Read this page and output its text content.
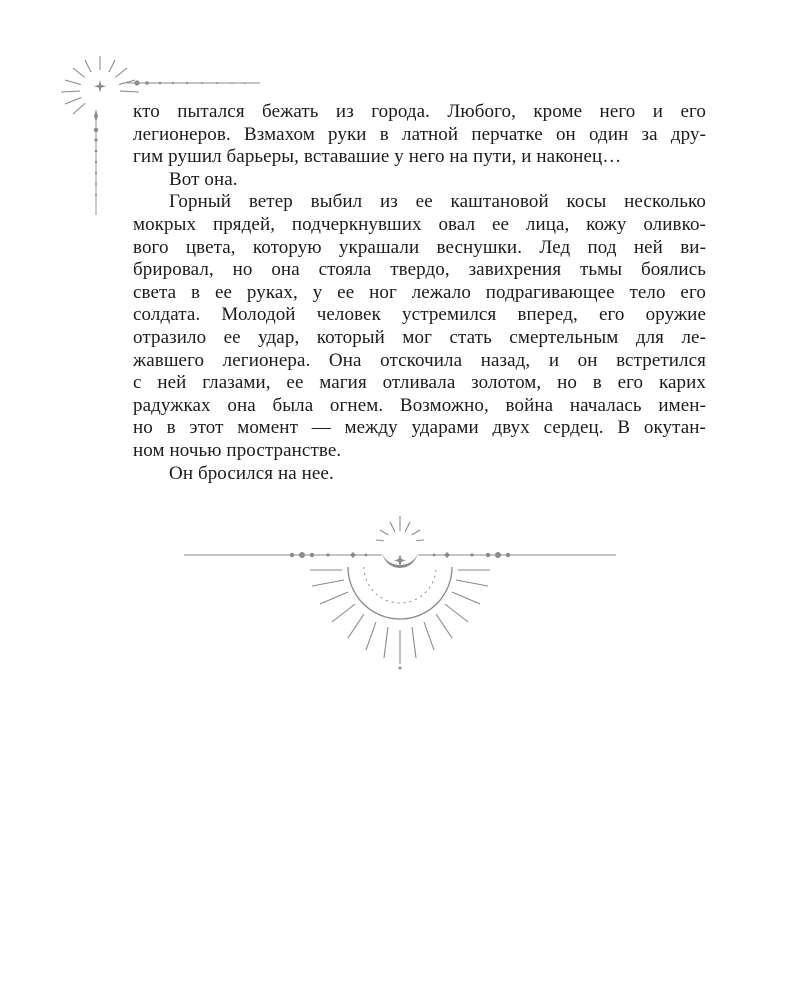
кто пытался бежать из города. Любого, кроме него и его
легионеров. Взмахом руки в латной перчатке он один за дру-
гим рушил барьеры, вставашие у него на пути, и наконец…

Вот она.

Горный ветер выбил из ее каштановой косы несколько
мокрых прядей, подчеркнувших овал ее лица, кожу оливко-
вого цвета, которую украшали веснушки. Лед под ней ви-
брировал, но она стояла твердо, завихрения тьмы боялись
света в ее руках, у ее ног лежало подрагивающее тело его
солдата. Молодой человек устремился вперед, его оружие
отразило ее удар, который мог стать смертельным для ле-
жавшего легионера. Она отскочила назад, и он встретился
с ней глазами, ее магия отливала золотом, но в его карих
радужках она была огнем. Возможно, война началась имен-
но в этот момент — между ударами двух сердец. В окутан-
ном ночью пространстве.

Он бросился на нее.
